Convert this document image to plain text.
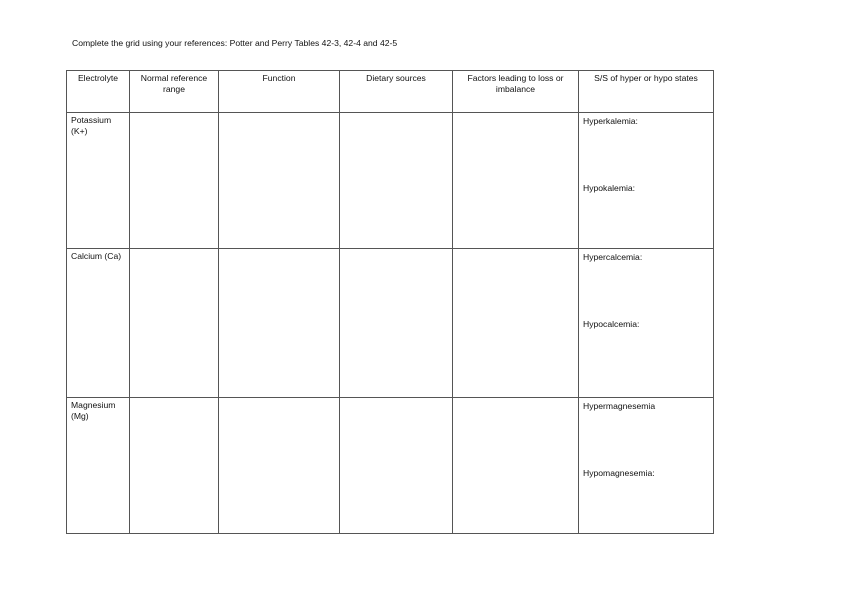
Complete the grid using your references: Potter and Perry Tables 42-3, 42-4 and 42-5
Electrolyte	Normal reference range	Function	Dietary sources	Factors leading to loss or imbalance	S/S of hyper or hypo states
Potassium (K+)					Hyperkalemia:
Hypokalemia:

Calcium (Ca)					Hypercalcemia:
Hypocalcemia:

Magnesium (Mg)					Hypermagnesemia
Hypomagnesemia:
